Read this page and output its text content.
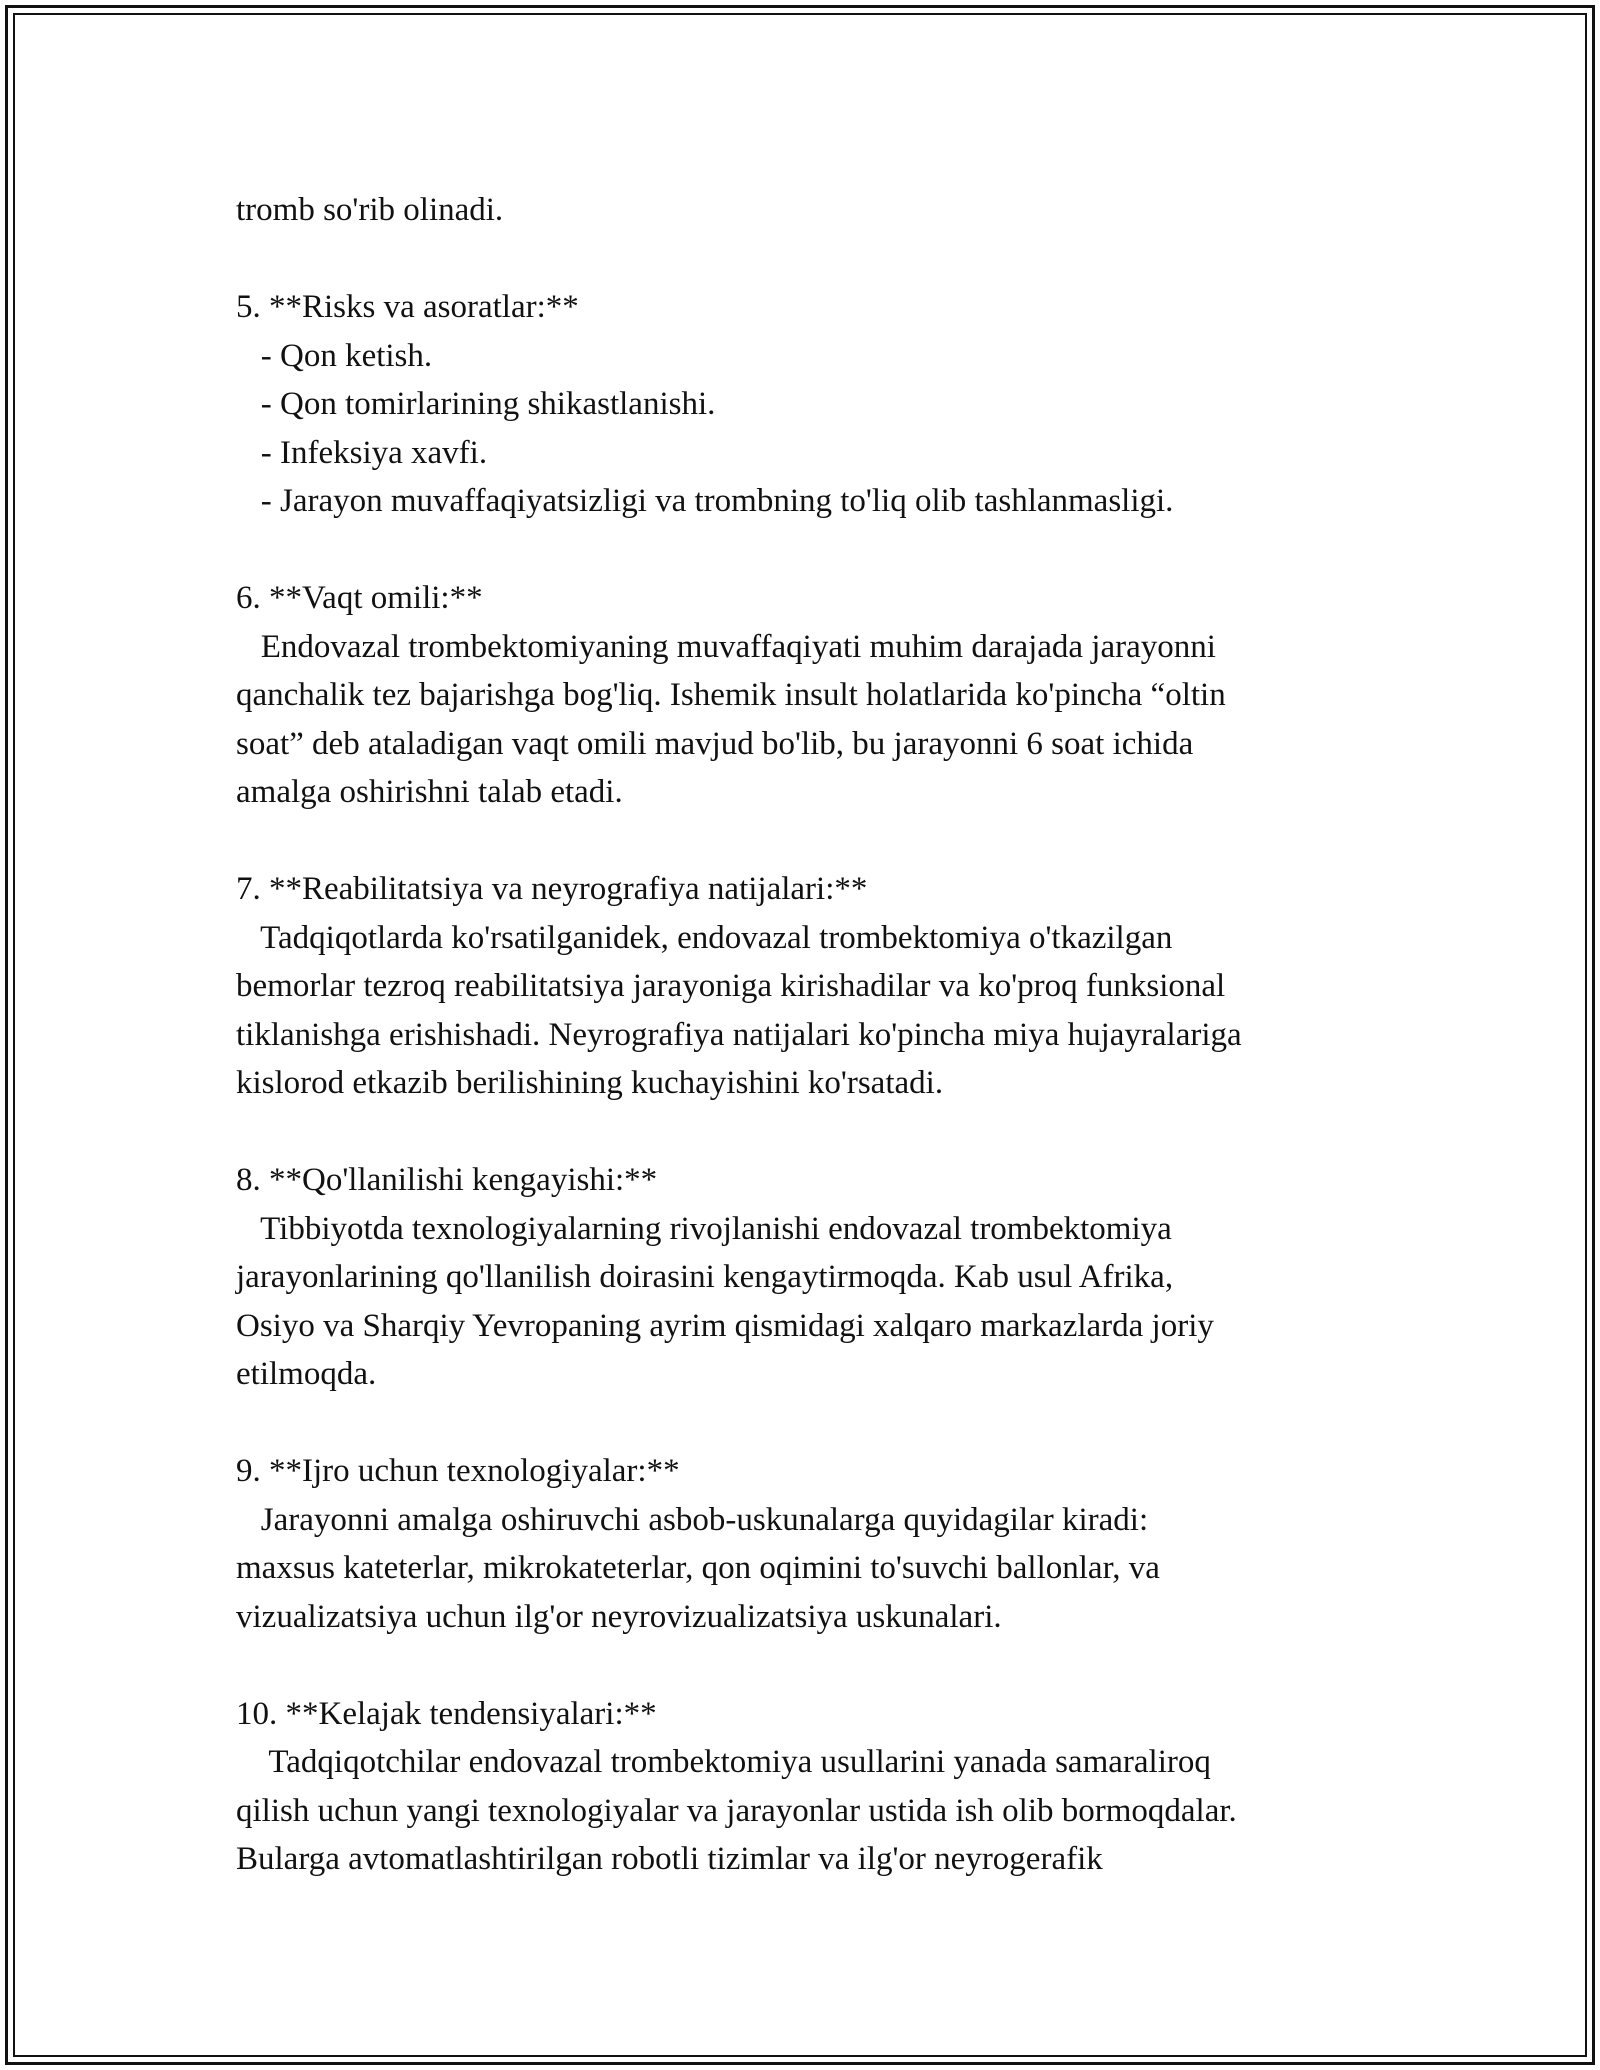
tromb so'rib olinadi.
5. **Risks va asoratlar:**
- Qon ketish.
- Qon tomirlarining shikastlanishi.
- Infeksiya xavfi.
- Jarayon muvaffaqiyatsizligi va trombning to'liq olib tashlanmasligi.
6. **Vaqt omili:**
Endovazal trombektomiyaning muvaffaqiyati muhim darajada jarayonni
qanchalik tez bajarishga bog'liq. Ishemik insult holatlarida ko'pincha “oltin
soat” deb ataladigan vaqt omili mavjud bo'lib, bu jarayonni 6 soat ichida
amalga oshirishni talab etadi.
7. **Reabilitatsiya va neyrografiya natijalari:**
Tadqiqotlarda ko'rsatilganidek, endovazal trombektomiya o'tkazilgan
bemorlar tezroq reabilitatsiya jarayoniga kirishadilar va ko'proq funksional
tiklanishga erishishadi. Neyrografiya natijalari ko'pincha miya hujayralariga
kislorod etkazib berilishining kuchayishini ko'rsatadi.
8. **Qo'llanilishi kengayishi:**
Tibbiyotda texnologiyalarning rivojlanishi endovazal trombektomiya
jarayonlarining qo'llanilish doirasini kengaytirmoqda. Kab usul Afrika,
Osiyo va Sharqiy Yevropaning ayrim qismidagi xalqaro markazlarda joriy
etilmoqda.
9. **Ijro uchun texnologiyalar:**
Jarayonni amalga oshiruvchi asbob-uskunalarga quyidagilar kiradi:
maxsus kateterlar, mikrokateterlar, qon oqimini to'suvchi ballonlar, va
vizualizatsiya uchun ilg'or neyrovizualizatsiya uskunalari.
10. **Kelajak tendensiyalari:**
Tadqiqotchilar endovazal trombektomiya usullarini yanada samaraliroq
qilish uchun yangi texnologiyalar va jarayonlar ustida ish olib bormoqdalar.
Bularga avtomatlashtirilgan robotli tizimlar va ilg'or neyrogerafik
